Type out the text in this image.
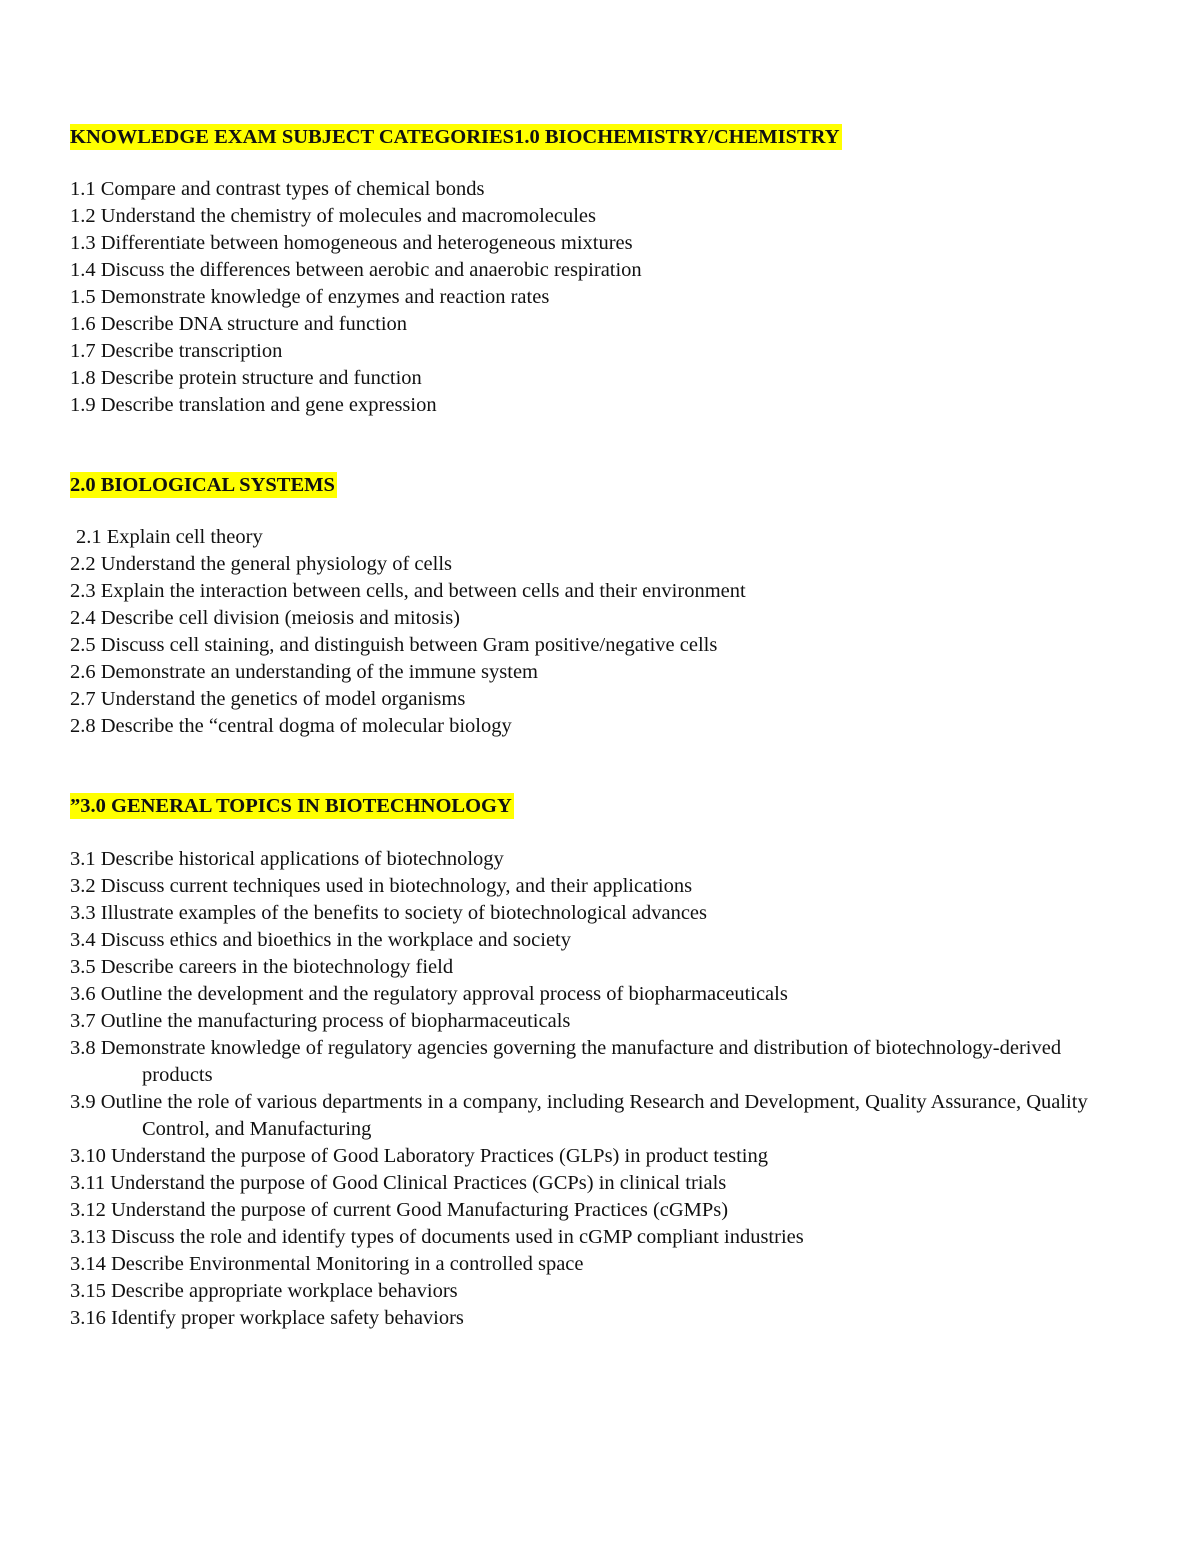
KNOWLEDGE EXAM SUBJECT CATEGORIES1.0 BIOCHEMISTRY/CHEMISTRY

1.1 Compare and contrast types of chemical bonds
1.2 Understand the chemistry of molecules and macromolecules
1.3 Differentiate between homogeneous and heterogeneous mixtures
1.4 Discuss the differences between aerobic and anaerobic respiration
1.5 Demonstrate knowledge of enzymes and reaction rates
1.6 Describe DNA structure and function
1.7 Describe transcription
1.8 Describe protein structure and function
1.9 Describe translation and gene expression

2.0 BIOLOGICAL SYSTEMS

2.1 Explain cell theory
2.2 Understand the general physiology of cells
2.3 Explain the interaction between cells, and between cells and their environment
2.4 Describe cell division (meiosis and mitosis)
2.5 Discuss cell staining, and distinguish between Gram positive/negative cells
2.6 Demonstrate an understanding of the immune system
2.7 Understand the genetics of model organisms
2.8 Describe the “central dogma of molecular biology

”3.0 GENERAL TOPICS IN BIOTECHNOLOGY

3.1 Describe historical applications of biotechnology
3.2 Discuss current techniques used in biotechnology, and their applications
3.3 Illustrate examples of the benefits to society of biotechnological advances
3.4 Discuss ethics and bioethics in the workplace and society
3.5 Describe careers in the biotechnology field
3.6 Outline the development and the regulatory approval process of biopharmaceuticals
3.7 Outline the manufacturing process of biopharmaceuticals
3.8 Demonstrate knowledge of regulatory agencies governing the manufacture and distribution of biotechnology-derived products
3.9 Outline the role of various departments in a company, including Research and Development, Quality Assurance, Quality Control, and Manufacturing
3.10 Understand the purpose of Good Laboratory Practices (GLPs) in product testing
3.11 Understand the purpose of Good Clinical Practices (GCPs) in clinical trials
3.12 Understand the purpose of current Good Manufacturing Practices (cGMPs)
3.13 Discuss the role and identify types of documents used in cGMP compliant industries
3.14 Describe Environmental Monitoring in a controlled space
3.15 Describe appropriate workplace behaviors
3.16 Identify proper workplace safety behaviors
